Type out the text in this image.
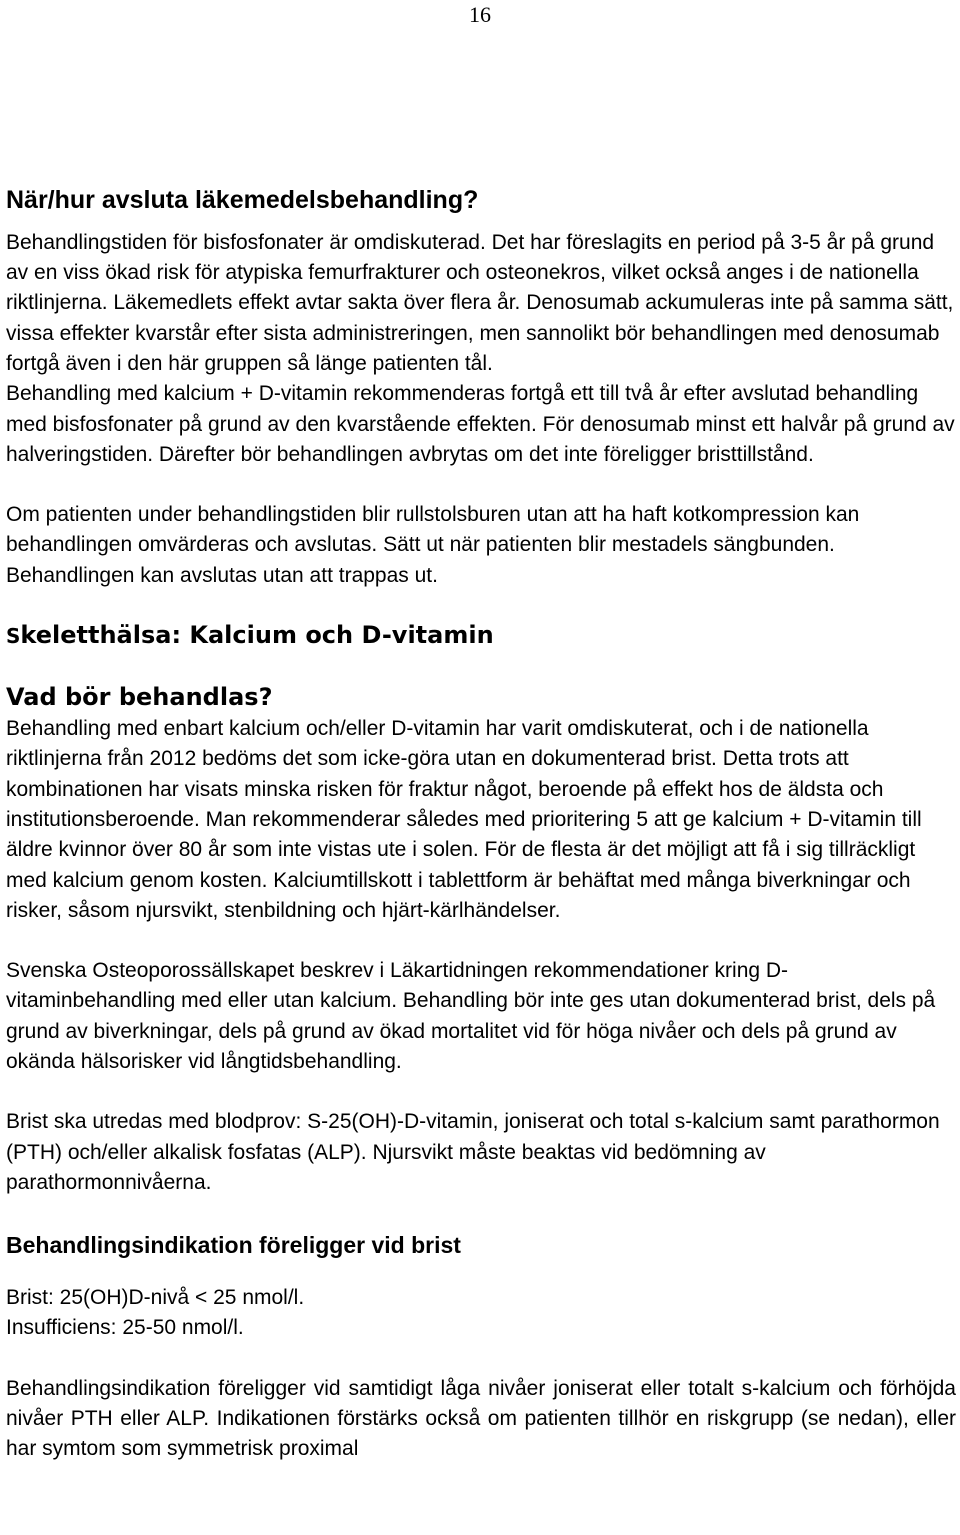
16
När/hur avsluta läkemedelsbehandling?

Behandlingstiden för bisfosfonater är omdiskuterad. Det har föreslagits en period på 3-5 år på grund av en viss ökad risk för atypiska femurfrakturer och osteonekros, vilket också anges i de nationella riktlinjerna. Läkemedlets effekt avtar sakta över flera år. Denosumab ackumuleras inte på samma sätt, vissa effekter kvarstår efter sista administreringen, men sannolikt bör behandlingen med denosumab fortgå även i den här gruppen så länge patienten tål.

Behandling med kalcium + D-vitamin rekommenderas fortgå ett till två år efter avslutad behandling med bisfosfonater på grund av den kvarstående effekten. För denosumab minst ett halvår på grund av halveringstiden. Därefter bör behandlingen avbrytas om det inte föreligger bristtillstånd.

Om patienten under behandlingstiden blir rullstolsburen utan att ha haft kotkompression kan behandlingen omvärderas och avslutas. Sätt ut när patienten blir mestadels sängbunden. Behandlingen kan avslutas utan att trappas ut.

Skeletthälsa: Kalcium och D-vitamin
Vad bör behandlas?

Behandling med enbart kalcium och/eller D-vitamin har varit omdiskuterat, och i de nationella riktlinjerna från 2012 bedöms det som icke-göra utan en dokumenterad brist. Detta trots att kombinationen har visats minska risken för fraktur något, beroende på effekt hos de äldsta och institutionsberoende. Man rekommenderar således med prioritering 5 att ge kalcium + D-vitamin till äldre kvinnor över 80 år som inte vistas ute i solen. För de flesta är det möjligt att få i sig tillräckligt med kalcium genom kosten. Kalciumtillskott i tablettform är behäftat med många biverkningar och risker, såsom njursvikt, stenbildning och hjärt-kärlhändelser.

Svenska Osteoporossällskapet beskrev i Läkartidningen rekommendationer kring D-vitaminbehandling med eller utan kalcium. Behandling bör inte ges utan dokumenterad brist, dels på grund av biverkningar, dels på grund av ökad mortalitet vid för höga nivåer och dels på grund av okända hälsorisker vid långtidsbehandling.

Brist ska utredas med blodprov: S-25(OH)-D-vitamin, joniserat och total s-kalcium samt parathormon (PTH) och/eller alkalisk fosfatas (ALP). Njursvikt måste beaktas vid bedömning av parathormonnivåerna.

Behandlingsindikation föreligger vid brist

Brist: 25(OH)D-nivå < 25 nmol/l.

Insufficiens: 25-50 nmol/l.

Behandlingsindikation föreligger vid samtidigt låga nivåer joniserat eller totalt s-kalcium och förhöjda nivåer PTH eller ALP. Indikationen förstärks också om patienten tillhör en riskgrupp (se nedan), eller har symtom som symmetrisk proximal
